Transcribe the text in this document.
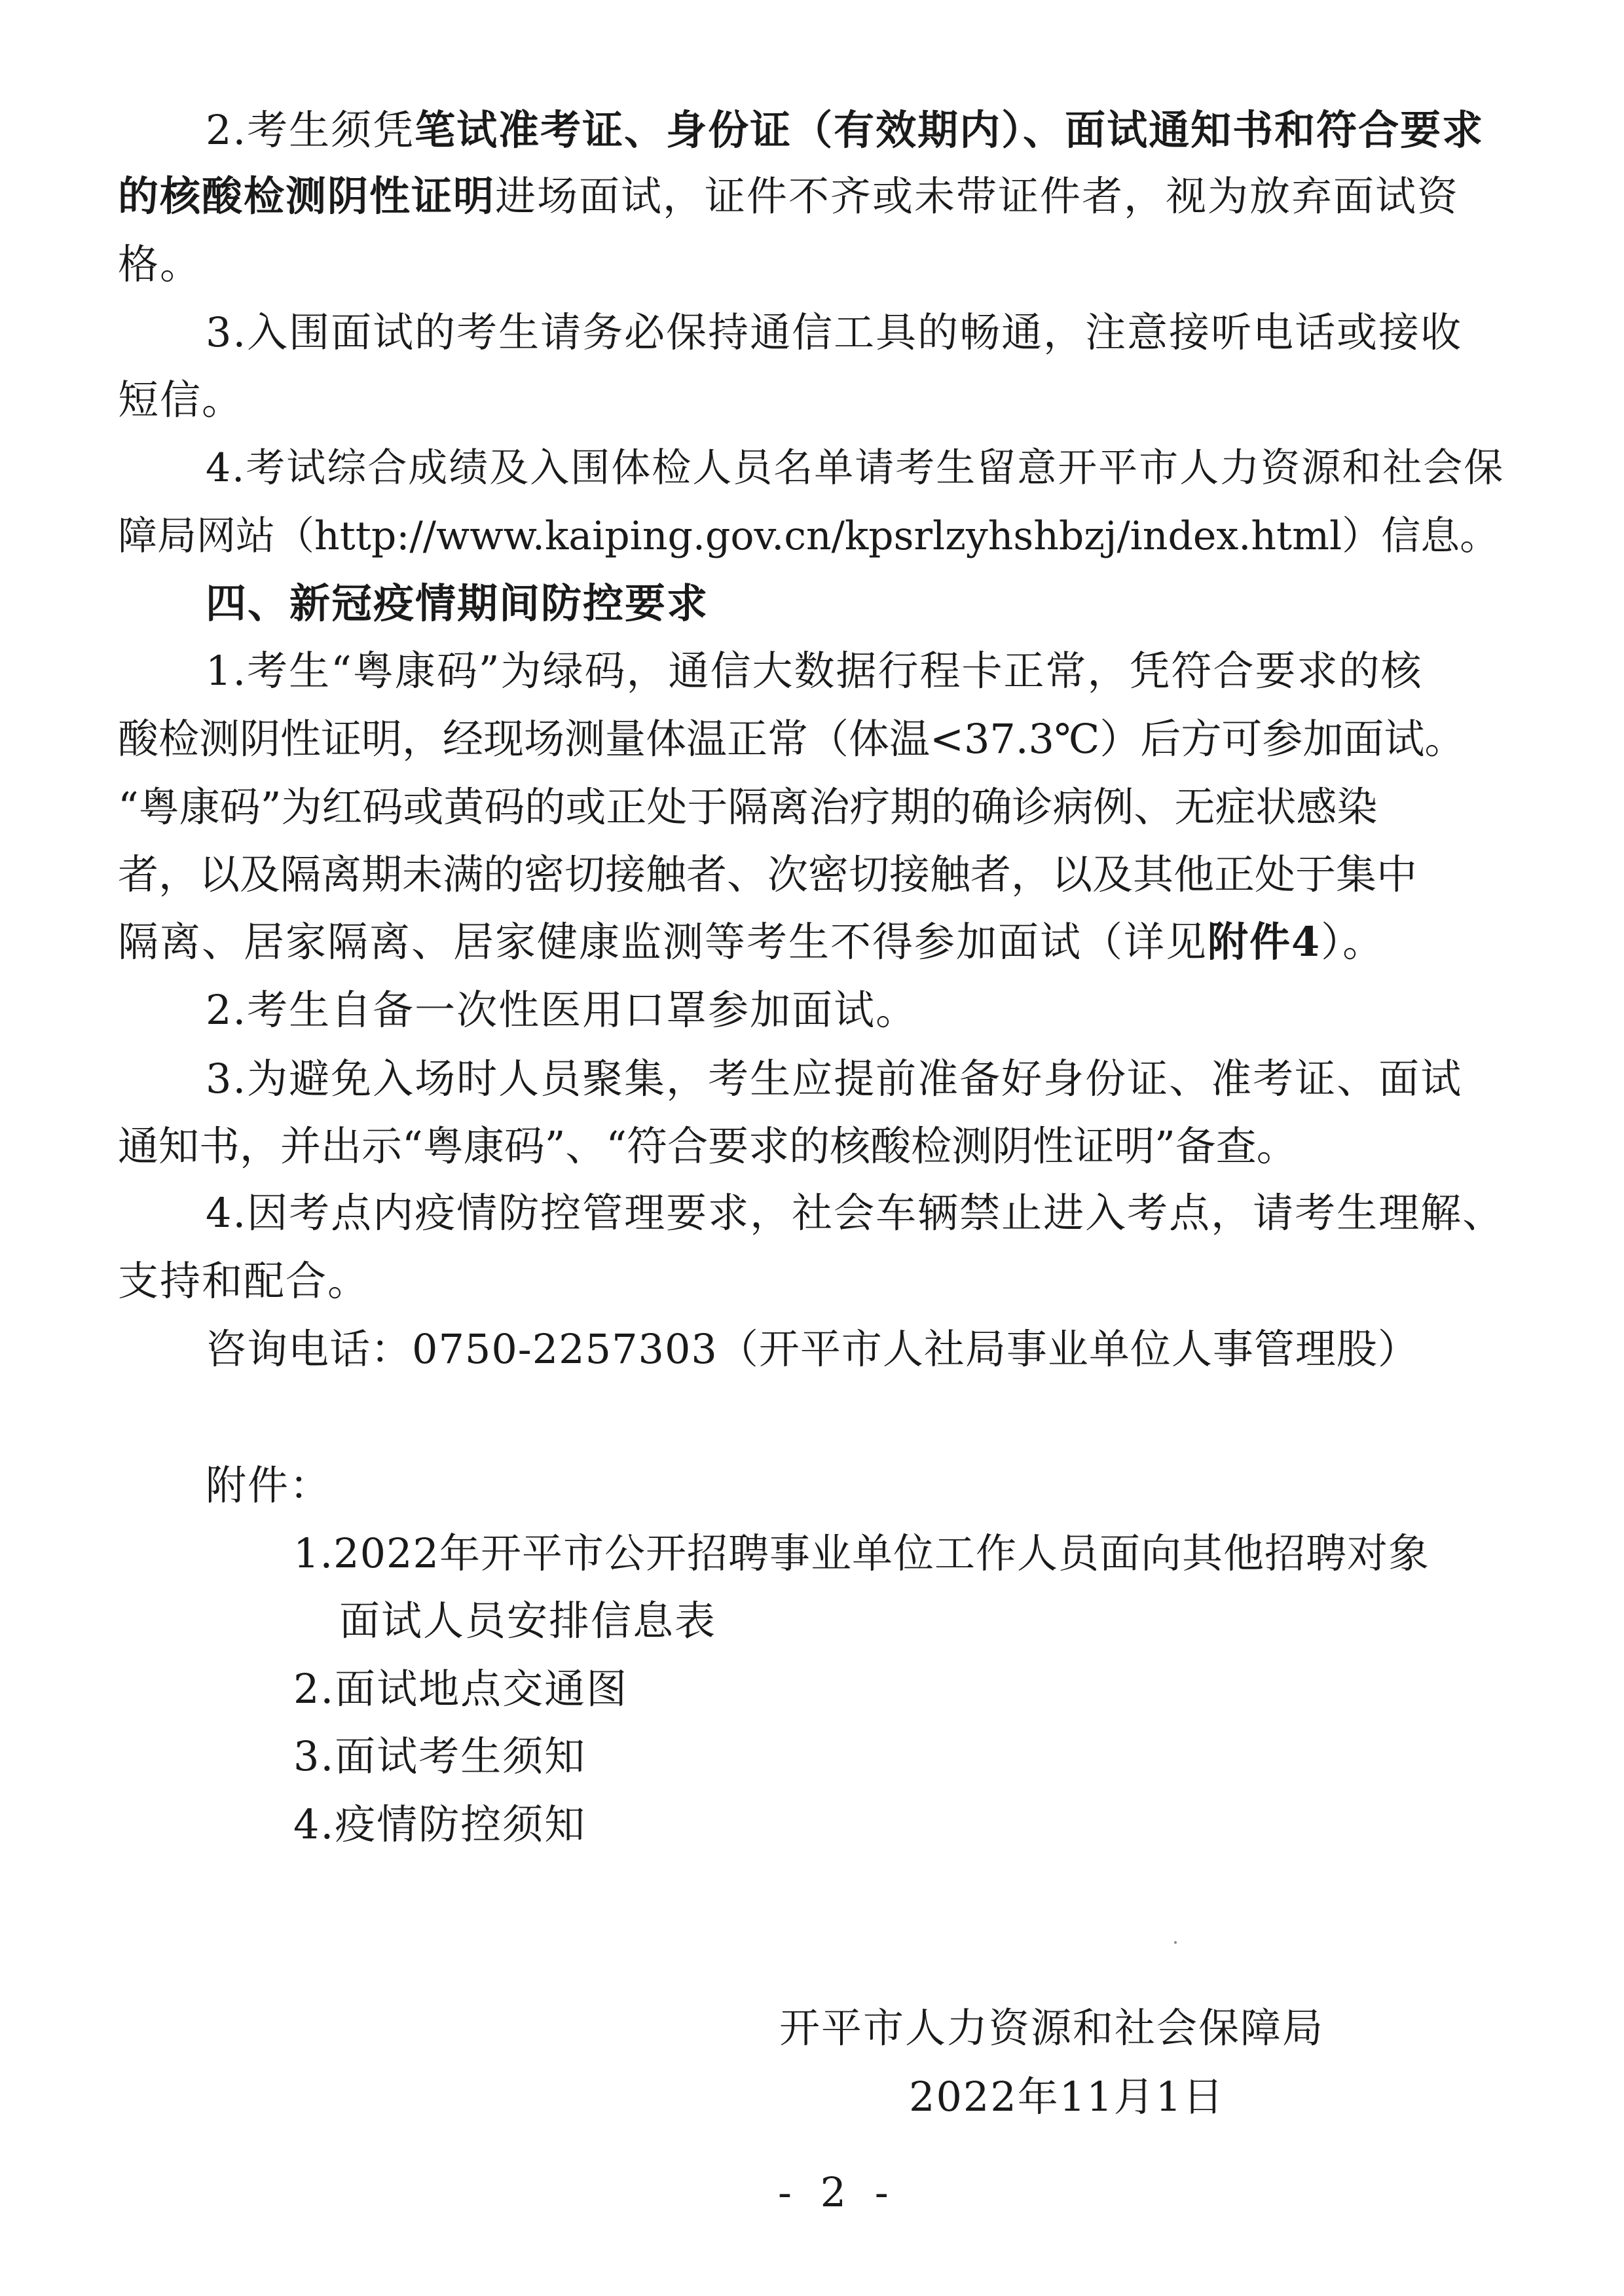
2.考生须凭笔试准考证、身份证（有效期内）、面试通知书和符合要求
的核酸检测阴性证明进场面试，证件不齐或未带证件者，视为放弃面试资
格。
3.入围面试的考生请务必保持通信工具的畅通，注意接听电话或接收
短信。
4.考试综合成绩及入围体检人员名单请考生留意开平市人力资源和社会保
障局网站（http://www.kaiping.gov.cn/kpsrlzyhshbzj/index.html）信息。
四、新冠疫情期间防控要求
1.考生“粤康码”为绿码，通信大数据行程卡正常，凭符合要求的核
酸检测阴性证明，经现场测量体温正常（体温<37.3℃）后方可参加面试。
“粤康码”为红码或黄码的或正处于隔离治疗期的确诊病例、无症状感染
者，以及隔离期未满的密切接触者、次密切接触者，以及其他正处于集中
隔离、居家隔离、居家健康监测等考生不得参加面试（详见附件4）。
2.考生自备一次性医用口罩参加面试。
3.为避免入场时人员聚集，考生应提前准备好身份证、准考证、面试
通知书，并出示“粤康码”、“符合要求的核酸检测阴性证明”备查。
4.因考点内疫情防控管理要求，社会车辆禁止进入考点，请考生理解、
支持和配合。
咨询电话：0750-2257303（开平市人社局事业单位人事管理股）
附件：
1.2022年开平市公开招聘事业单位工作人员面向其他招聘对象
面试人员安排信息表
2.面试地点交通图
3.面试考生须知
4.疫情防控须知
开平市人力资源和社会保障局
2022年11月1日
- 2 -
